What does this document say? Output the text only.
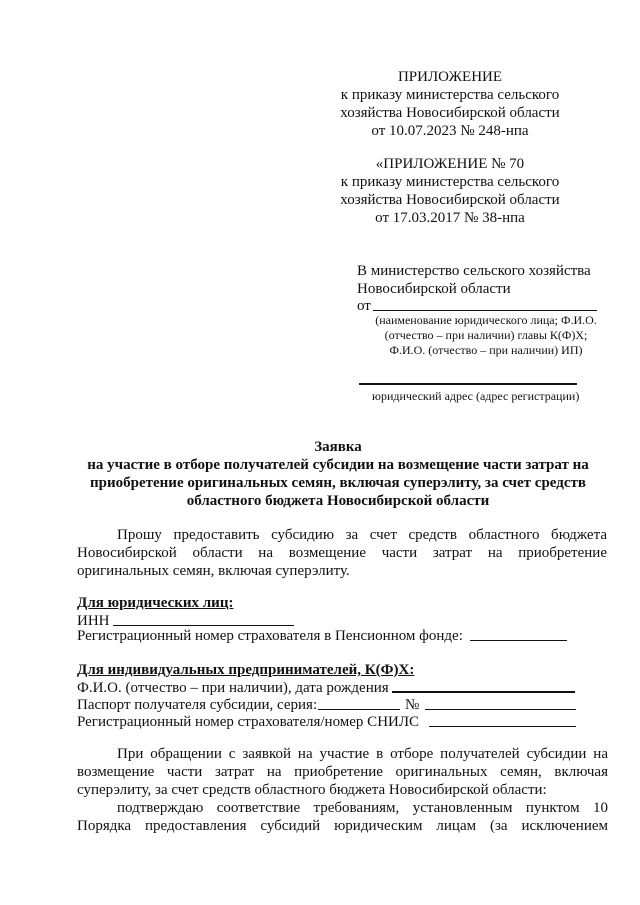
ПРИЛОЖЕНИЕ
к приказу министерства сельского
хозяйства Новосибирской области
от 10.07.2023 № 248-нпа
«ПРИЛОЖЕНИЕ № 70
к приказу министерства сельского
хозяйства Новосибирской области
от 17.03.2017 № 38-нпа
В министерство сельского хозяйства
Новосибирской области
от
(наименование юридического лица; Ф.И.О.
(отчество – при наличии) главы К(Ф)Х;
Ф.И.О. (отчество – при наличии) ИП)
юридический адрес (адрес регистрации)
Заявка
на участие в отборе получателей субсидии на возмещение части затрат на
приобретение оригинальных семян, включая суперэлиту, за счет средств
областного бюджета Новосибирской области
Прошу предоставить субсидию за счет средств областного бюджета
Новосибирской области на возмещение части затрат на приобретение
оригинальных семян, включая суперэлиту.
Для юридических лиц:
ИНН
Регистрационный номер страхователя в Пенсионном фонде:
Для индивидуальных предпринимателей, К(Ф)Х:
Ф.И.О. (отчество – при наличии), дата рождения
Паспорт получателя субсидии, серия:	№
Регистрационный номер страхователя/номер СНИЛС
При обращении с заявкой на участие в отборе получателей субсидии на
возмещение части затрат на приобретение оригинальных семян, включая
суперэлиту, за счет средств областного бюджета Новосибирской области:
подтверждаю соответствие требованиям, установленным пунктом 10
Порядка предоставления субсидий юридическим лицам (за исключением
